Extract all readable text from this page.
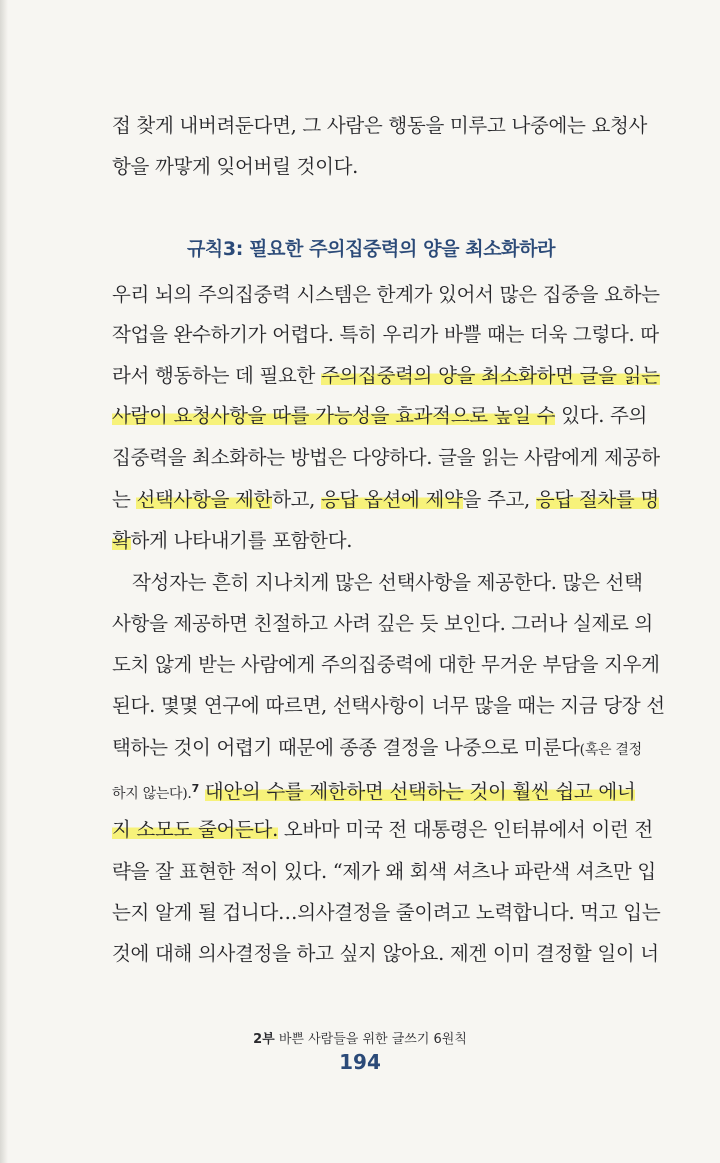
접 찾게 내버려둔다면, 그 사람은 행동을 미루고 나중에는 요청사
항을 까맣게 잊어버릴 것이다.
규칙3: 필요한 주의집중력의 양을 최소화하라
우리 뇌의 주의집중력 시스템은 한계가 있어서 많은 집중을 요하는
작업을 완수하기가 어렵다. 특히 우리가 바쁠 때는 더욱 그렇다. 따
라서 행동하는 데 필요한 주의집중력의 양을 최소화하면 글을 읽는
사람이 요청사항을 따를 가능성을 효과적으로 높일 수 있다. 주의
집중력을 최소화하는 방법은 다양하다. 글을 읽는 사람에게 제공하
는 선택사항을 제한하고, 응답 옵션에 제약을 주고, 응답 절차를 명
확하게 나타내기를 포함한다.
작성자는 흔히 지나치게 많은 선택사항을 제공한다. 많은 선택
사항을 제공하면 친절하고 사려 깊은 듯 보인다. 그러나 실제로 의
도치 않게 받는 사람에게 주의집중력에 대한 무거운 부담을 지우게
된다. 몇몇 연구에 따르면, 선택사항이 너무 많을 때는 지금 당장 선
택하는 것이 어렵기 때문에 종종 결정을 나중으로 미룬다(혹은 결정
하지 않는다).$^7$ 대안의 수를 제한하면 선택하는 것이 훨씬 쉽고 에너
지 소모도 줄어든다. 오바마 미국 전 대통령은 인터뷰에서 이런 전
략을 잘 표현한 적이 있다. “제가 왜 회색 셔츠나 파란색 셔츠만 입
는지 알게 될 겁니다…의사결정을 줄이려고 노력합니다. 먹고 입는
것에 대해 의사결정을 하고 싶지 않아요. 제겐 이미 결정할 일이 너
2부 바쁜 사람들을 위한 글쓰기 6원칙
194
